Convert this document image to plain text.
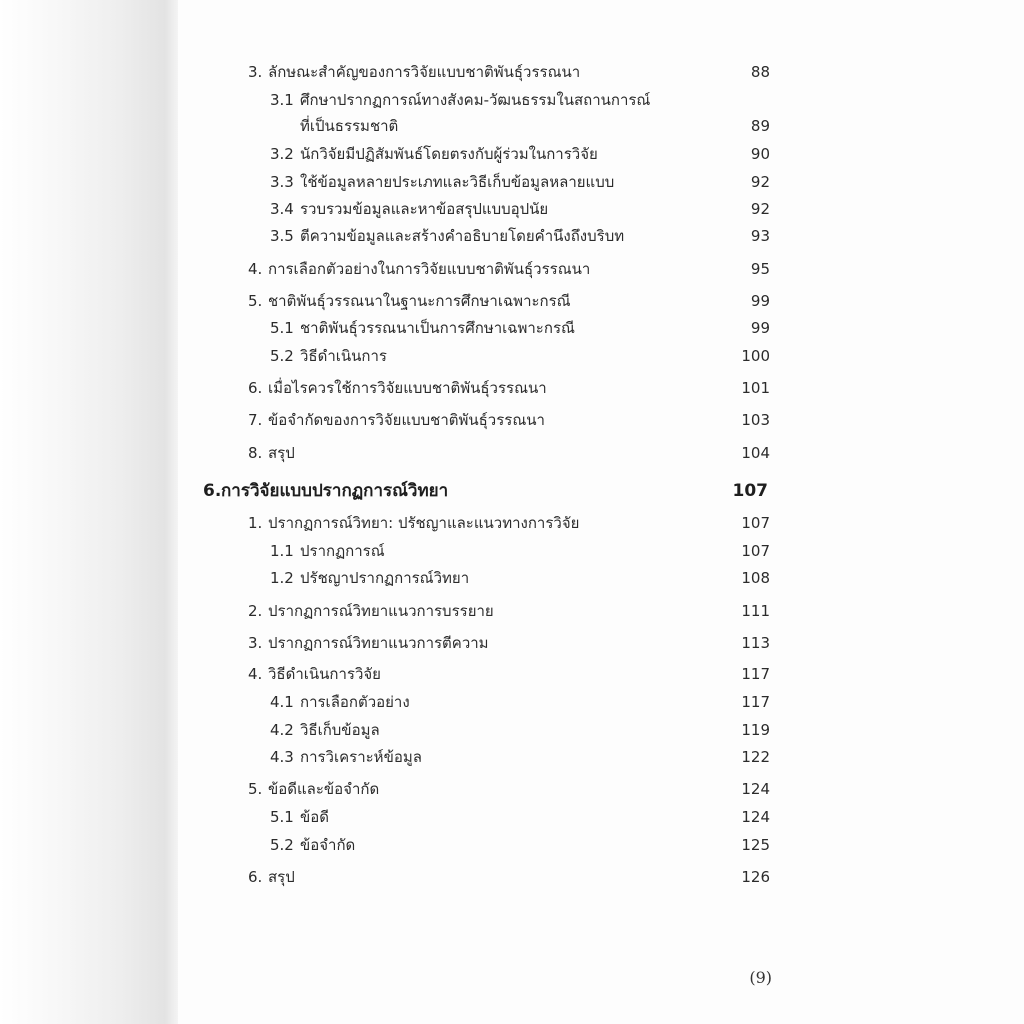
3. ลักษณะสำคัญของการวิจัยแบบชาติพันธุ์วรรณนา	88
3.1 ศึกษาปรากฏการณ์ทางสังคม-วัฒนธรรมในสถานการณ์
ที่เป็นธรรมชาติ	89
3.2 นักวิจัยมีปฏิสัมพันธ์โดยตรงกับผู้ร่วมในการวิจัย	90
3.3 ใช้ข้อมูลหลายประเภทและวิธีเก็บข้อมูลหลายแบบ	92
3.4 รวบรวมข้อมูลและหาข้อสรุปแบบอุปนัย	92
3.5 ตีความข้อมูลและสร้างคำอธิบายโดยคำนึงถึงบริบท	93
4. การเลือกตัวอย่างในการวิจัยแบบชาติพันธุ์วรรณนา	95
5. ชาติพันธุ์วรรณนาในฐานะการศึกษาเฉพาะกรณี	99
5.1 ชาติพันธุ์วรรณนาเป็นการศึกษาเฉพาะกรณี	99
5.2 วิธีดำเนินการ	100
6. เมื่อไรควรใช้การวิจัยแบบชาติพันธุ์วรรณนา	101
7. ข้อจำกัดของการวิจัยแบบชาติพันธุ์วรรณนา	103
8. สรุป	104
6. การวิจัยแบบปรากฏการณ์วิทยา	107
1. ปรากฏการณ์วิทยา: ปรัชญาและแนวทางการวิจัย	107
1.1 ปรากฏการณ์	107
1.2 ปรัชญาปรากฏการณ์วิทยา	108
2. ปรากฏการณ์วิทยาแนวการบรรยาย	111
3. ปรากฏการณ์วิทยาแนวการตีความ	113
4. วิธีดำเนินการวิจัย	117
4.1 การเลือกตัวอย่าง	117
4.2 วิธีเก็บข้อมูล	119
4.3 การวิเคราะห์ข้อมูล	122
5. ข้อดีและข้อจำกัด	124
5.1 ข้อดี	124
5.2 ข้อจำกัด	125
6. สรุป	126
(9)
